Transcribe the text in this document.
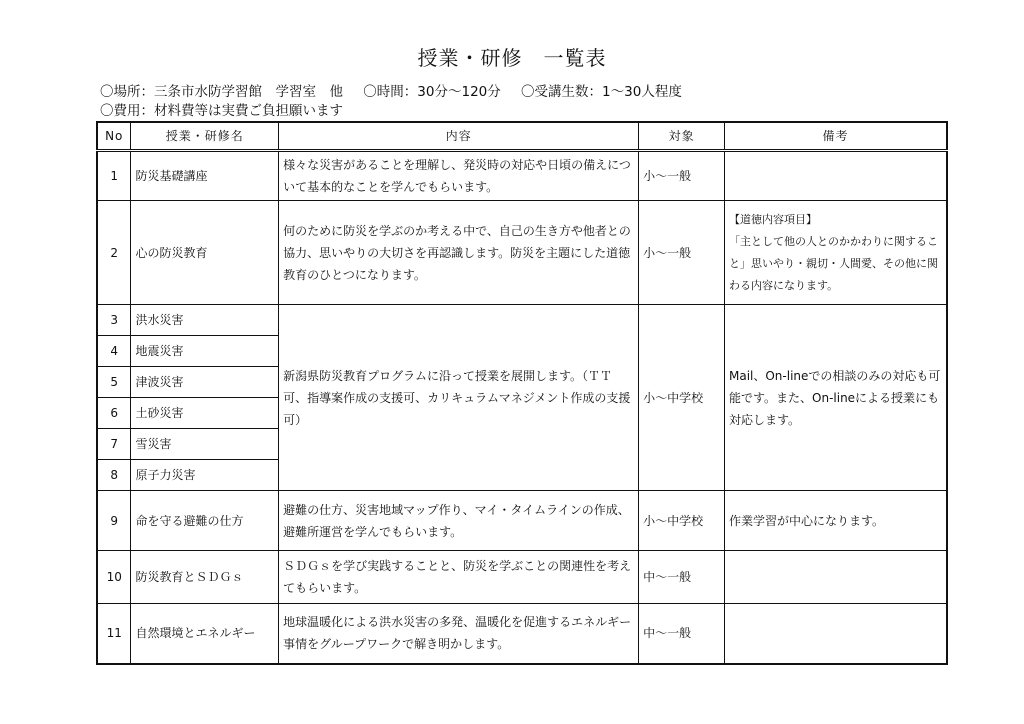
授業・研修　一覧表
〇場所：三条市水防学習館　学習室　他 〇時間：30分～120分 〇受講生数：1～30人程度
〇費用：材料費等は実費ご負担願います
No	授業・研修名	内容	対象	備考
1	防災基礎講座	様々な災害があることを理解し、発災時の対応や日頃の備えについて基本的なことを学んでもらいます。	小～一般	
2	心の防災教育	何のために防災を学ぶのか考える中で、自己の生き方や他者との協力、思いやりの大切さを再認識します。防災を主題にした道徳教育のひとつになります。	小～一般	【道徳内容項目】
「主として他の人とのかかわりに関すること」思いやり・親切・人間愛、その他に関わる内容になります。
3	洪水災害	新潟県防災教育プログラムに沿って授業を展開します。（ＴＴ可、指導案作成の支援可、カリキュラムマネジメント作成の支援可）	小～中学校	Mail、On-lineでの相談のみの対応も可能です。また、On-lineによる授業にも対応します。
4	地震災害			
5	津波災害			
6	土砂災害			
7	雪災害			
8	原子力災害			
9	命を守る避難の仕方	避難の仕方、災害地域マップ作り、マイ・タイムラインの作成、避難所運営を学んでもらいます。	小～中学校	作業学習が中心になります。
10	防災教育とＳＤＧｓ	ＳＤＧｓを学び実践することと、防災を学ぶことの関連性を考えてもらいます。	中～一般	
11	自然環境とエネルギー	地球温暖化による洪水災害の多発、温暖化を促進するエネルギー事情をグループワークで解き明かします。	中～一般	
